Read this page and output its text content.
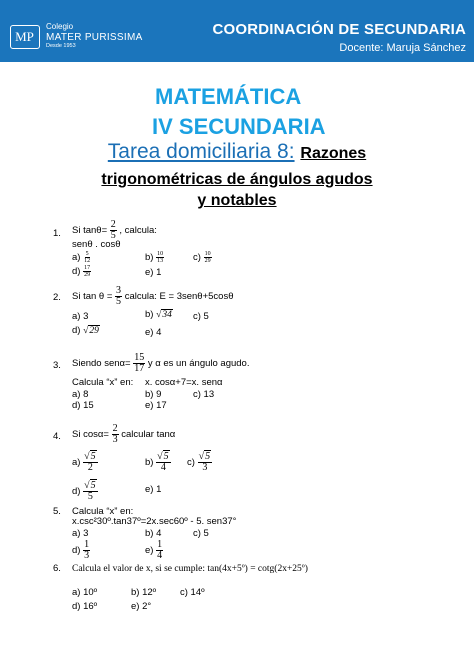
MP
Colegio
MATER PURISSIMA
Desde 1953
COORDINACIÓN DE SECUNDARIA
Docente: Maruja Sánchez
MATEMÁTICA
IV SECUNDARIA
Tarea domiciliaria 8: Razones
trigonométricas de ángulos agudos
y notables
1. Si $\tan\theta= \frac{2}{5}$ , calcula:
senθ . cosθ
$a) \frac{5}{12}$	$b) \frac{10}{13}$	$c) \frac{10}{29}$
$d) \frac{17}{29}$	e) 1
2. Si $\tan \theta = \frac{3}{5}$ calcula: E = 3senθ+5cosθ
a) 3	b) √34 c) 5
d) √29	e) 4
3. Siendo $sen\alpha= \frac{15}{17}$ y α es un ángulo agudo.
Calcula “x” en: x. cosα+7=x. senα
a) 8	b) 9	c) 13
d) 15	e) 17
4. Si $\cos\alpha= \frac{2}{3}$ calcular tanα
$a) \frac{√5}{2}$	$b) \frac{√5}{4} c) \frac{√5}{3}$
$d) \frac{√5}{5}$	e) 1
5. Calcula “x” en:
x.csc²30º.tan37º=2x.sec60º - 5. sen37°
a) 3	b) 4	c) 5
$d) \frac{1}{3}$	$e) \frac{1}{4}$
6. Calcula el valor de x, si se cumple: tan(4x+5º) = cotg(2x+25º)
a) 10º	b) 12º	c) 14º
d) 16º	e) 2°
